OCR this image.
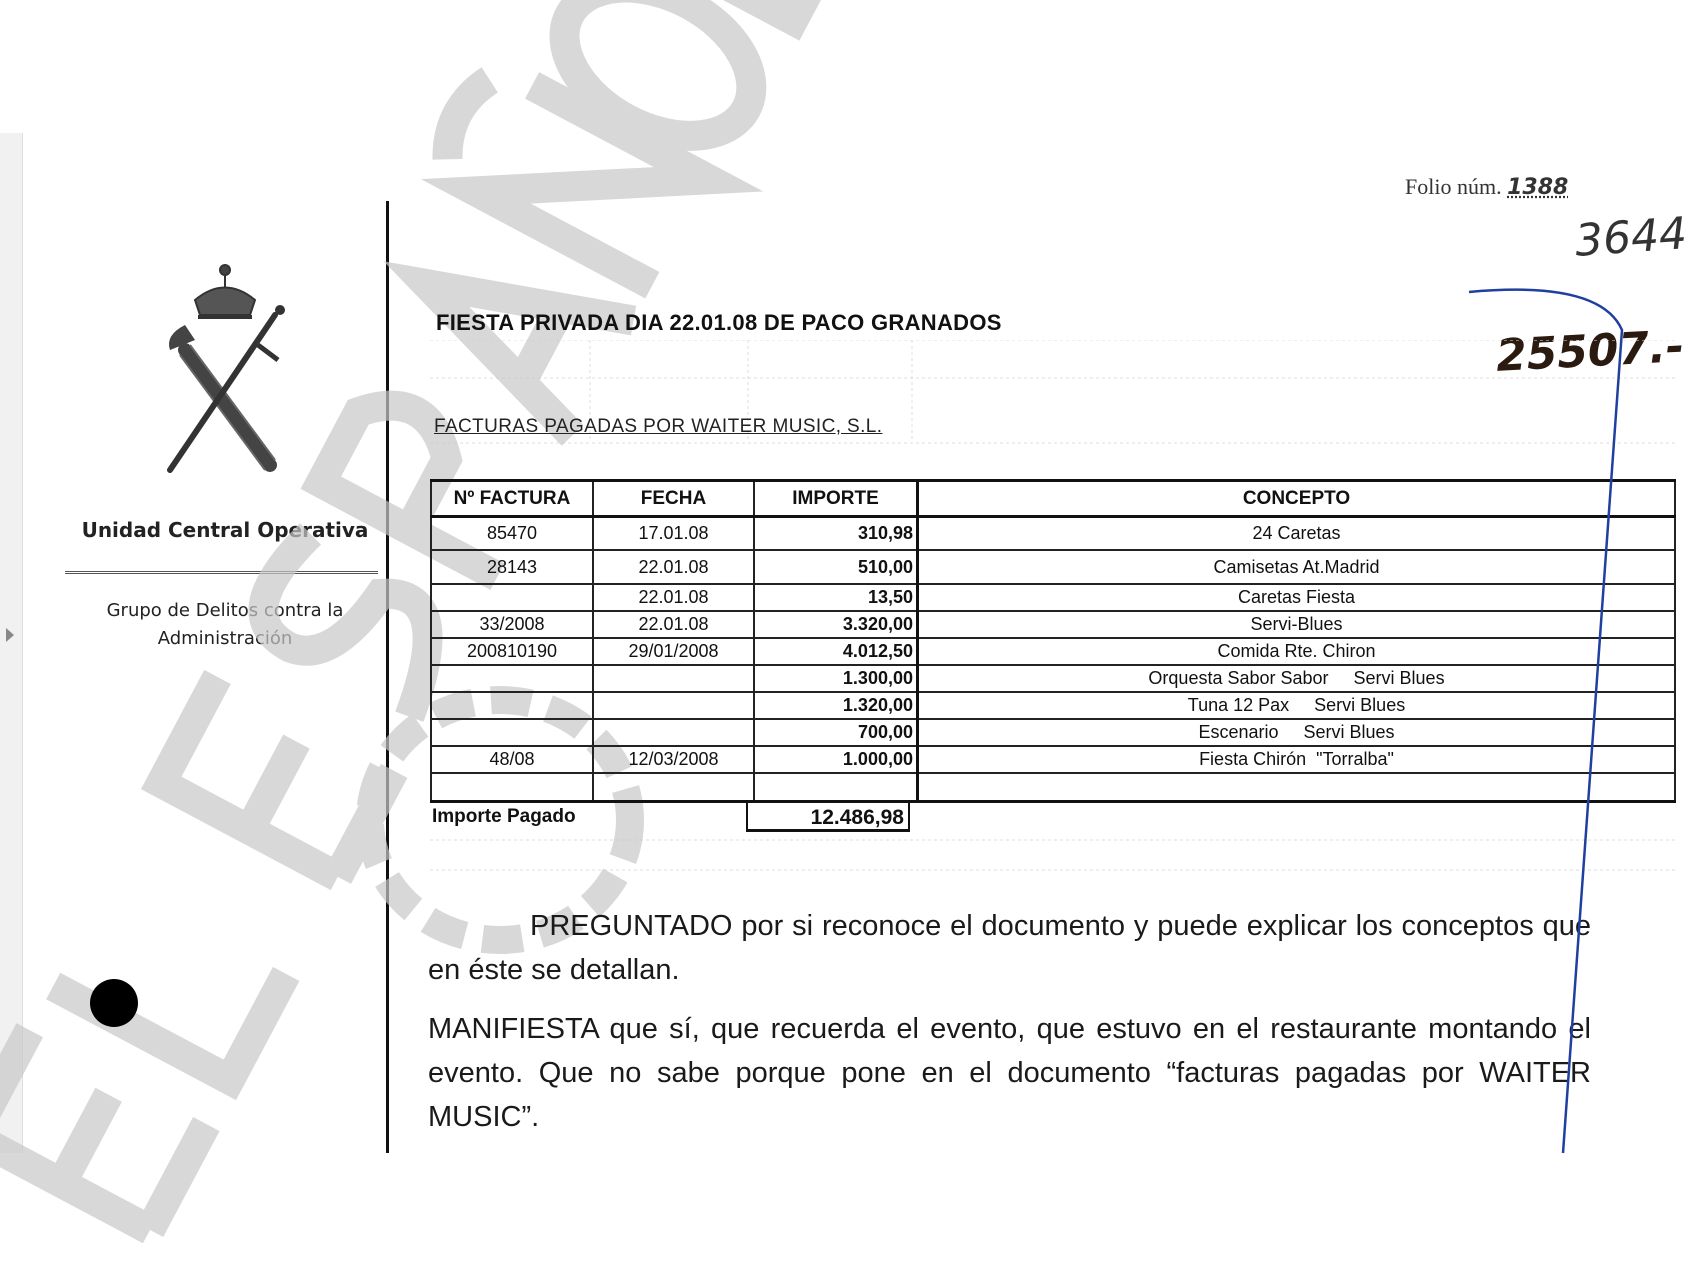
Unidad Central Operativa
Grupo de Delitos contra la Administración
Folio núm. 1388
3644
25507.-
FIESTA PRIVADA DIA 22.01.08 DE PACO GRANADOS
FACTURAS PAGADAS POR WAITER MUSIC, S.L.
Nº FACTURA	FECHA	IMPORTE	CONCEPTO
85470	17.01.08	310,98	24 Caretas
28143	22.01.08	510,00	Camisetas At.Madrid
	22.01.08	13,50	Caretas Fiesta
33/2008	22.01.08	3.320,00	Servi-Blues
200810190	29/01/2008	4.012,50	Comida Rte. Chiron
		1.300,00	Orquesta Sabor Sabor     Servi Blues
		1.320,00	Tuna 12 Pax     Servi Blues
		700,00	Escenario     Servi Blues
48/08	12/03/2008	1.000,00	Fiesta Chirón  "Torralba"

Importe Pagado	12.486,98
PREGUNTADO por si reconoce el documento y puede explicar los conceptos que en éste se detallan.
MANIFIESTA que sí, que recuerda el evento, que estuvo en el restaurante montando el evento. Que no sabe porque pone en el documento “facturas pagadas por WAITER MUSIC”.
